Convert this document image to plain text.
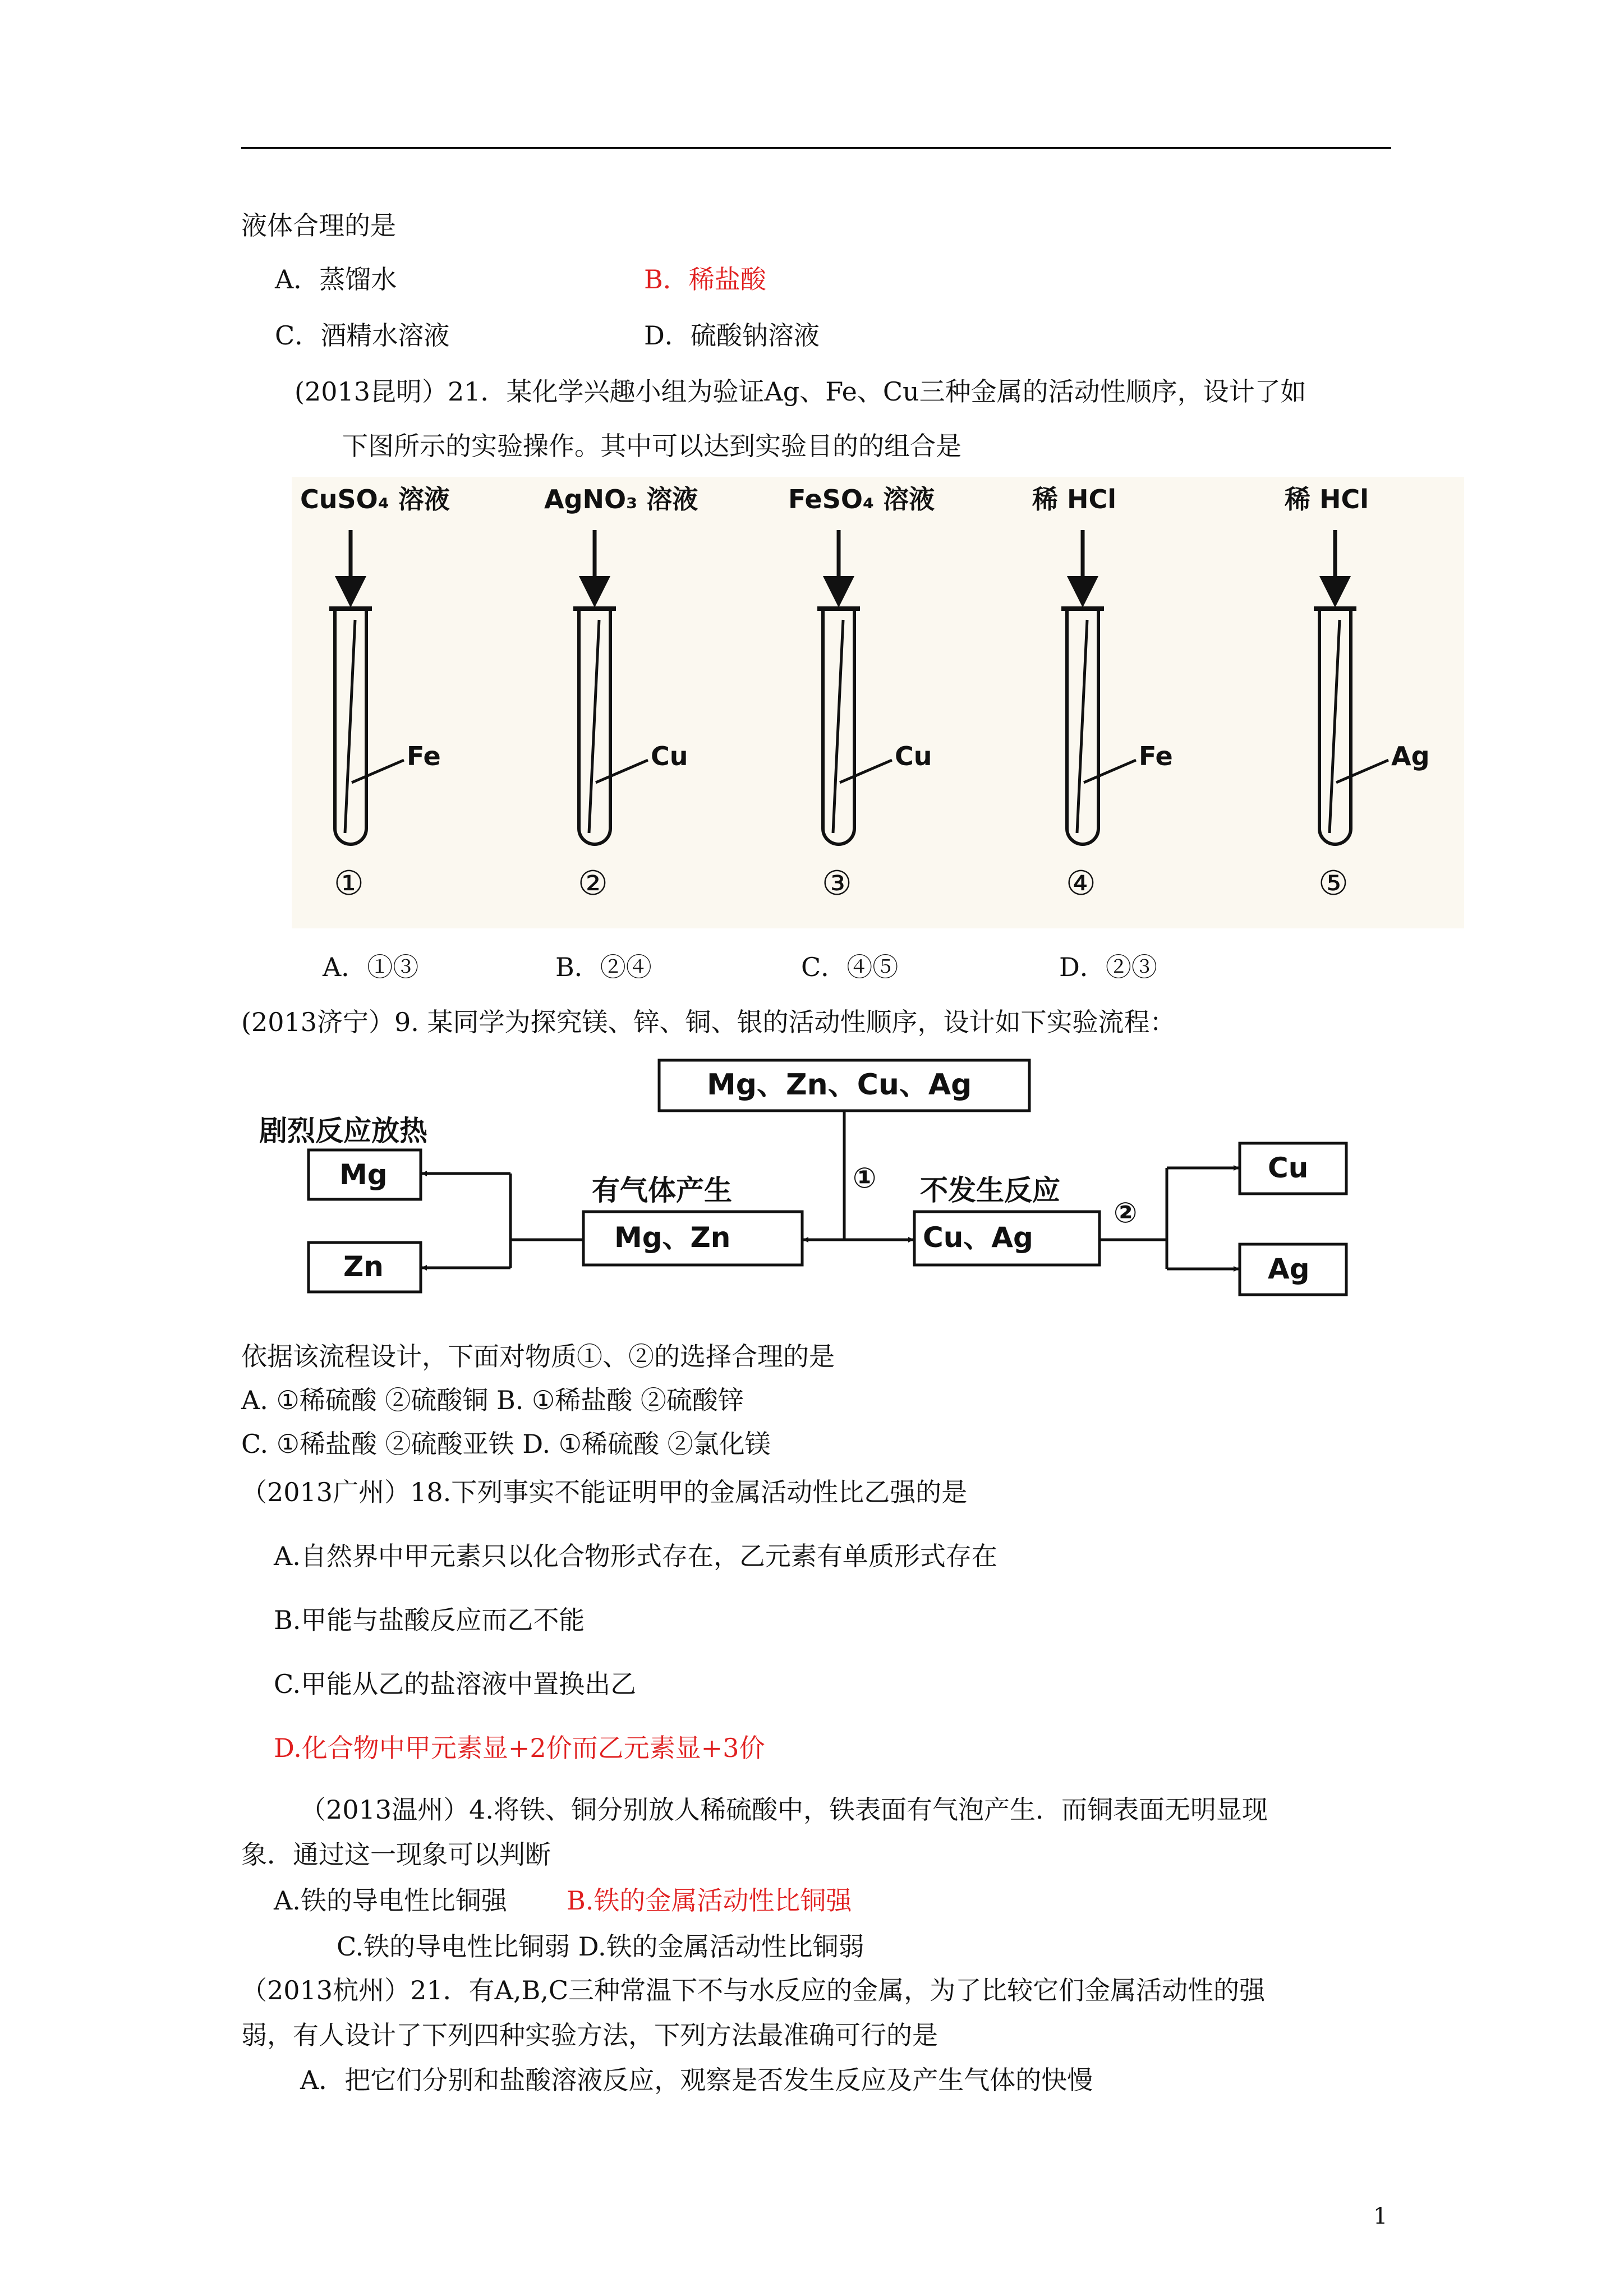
液体合理的是
A．蒸馏水	B．稀盐酸
C．酒精水溶液	D．硫酸钠溶液
(2013昆明）21．某化学兴趣小组为验证Ag、Fe、Cu三种金属的活动性顺序，设计了如
下图所示的实验操作。其中可以达到实验目的的组合是
CuSO₄ 溶液
Fe
①
AgNO₃ 溶液
Cu
②
FeSO₄ 溶液
Cu
③
稀 HCl
Fe
④
稀 HCl
Ag
⑤
A．①③	B．②④	C．④⑤	D．②③
(2013济宁）9. 某同学为探究镁、锌、铜、银的活动性顺序，设计如下实验流程：
Mg、Zn、Cu、Ag
①
有气体产生
Mg、Zn
不发生反应
Cu、Ag
②
剧烈反应放热
Mg
Zn
Cu
Ag
依据该流程设计，下面对物质①、②的选择合理的是
A. ①稀硫酸 ②硫酸铜 B. ①稀盐酸 ②硫酸锌
C. ①稀盐酸 ②硫酸亚铁 D. ①稀硫酸 ②氯化镁
（2013广州）18.下列事实不能证明甲的金属活动性比乙强的是
A.自然界中甲元素只以化合物形式存在，乙元素有单质形式存在
B.甲能与盐酸反应而乙不能
C.甲能从乙的盐溶液中置换出乙
D.化合物中甲元素显+2价而乙元素显+3价
（2013温州）4.将铁、铜分别放人稀硫酸中，铁表面有气泡产生．而铜表面无明显现
象．通过这一现象可以判断
A.铁的导电性比铜强 B.铁的金属活动性比铜强
C.铁的导电性比铜弱 D.铁的金属活动性比铜弱
（2013杭州）21．有A,B,C三种常温下不与水反应的金属，为了比较它们金属活动性的强
弱，有人设计了下列四种实验方法，下列方法最准确可行的是
A．把它们分别和盐酸溶液反应，观察是否发生反应及产生气体的快慢
1
